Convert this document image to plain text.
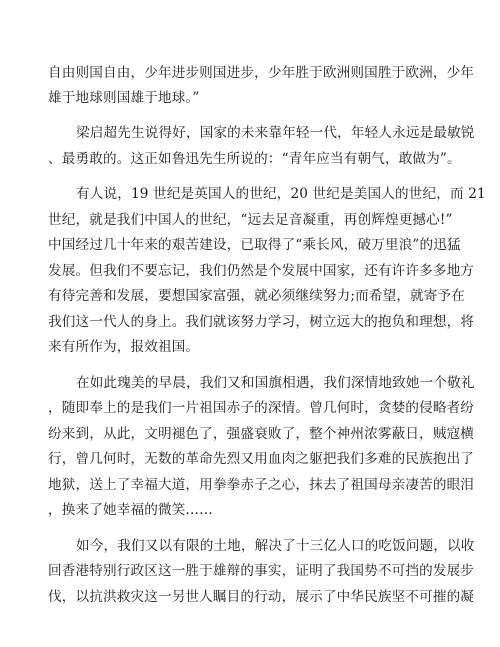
自由则国自由，少年进步则国进步，少年胜于欧洲则国胜于欧洲，少年
雄于地球则国雄于地球。”
梁启超先生说得好，国家的未来靠年轻一代，年轻人永远是最敏锐
、最勇敢的。这正如鲁迅先生所说的：“青年应当有朝气，敢做为”。
有人说，19 世纪是英国人的世纪，20 世纪是美国人的世纪，而 21
世纪，就是我们中国人的世纪，“远去足音凝重，再创辉煌更撼心!”
中国经过几十年来的艰苦建设，已取得了“乘长风，破万里浪”的迅猛
发展。但我们不要忘记，我们仍然是个发展中国家，还有许许多多地方
有待完善和发展，要想国家富强，就必须继续努力;而希望，就寄予在
我们这一代人的身上。我们就该努力学习，树立远大的抱负和理想，将
来有所作为，报效祖国。
在如此瑰美的早晨，我们又和国旗相遇，我们深情地致她一个敬礼
，随即奉上的是我们一片祖国赤子的深情。曾几何时，贪婪的侵略者纷
纷来到，从此，文明褪色了，强盛衰败了，整个神州浓雾蔽日，贼寇横
行，曾几何时，无数的革命先烈又用血肉之躯把我们多难的民族抱出了
地狱，送上了幸福大道，用拳拳赤子之心，抹去了祖国母亲凄苦的眼泪
，换来了她幸福的微笑……
如今，我们又以有限的土地，解决了十三亿人口的吃饭问题，以收
回香港特别行政区这一胜于雄辩的事实，证明了我国势不可挡的发展步
伐，以抗洪救灾这一另世人瞩目的行动，展示了中华民族坚不可摧的凝
